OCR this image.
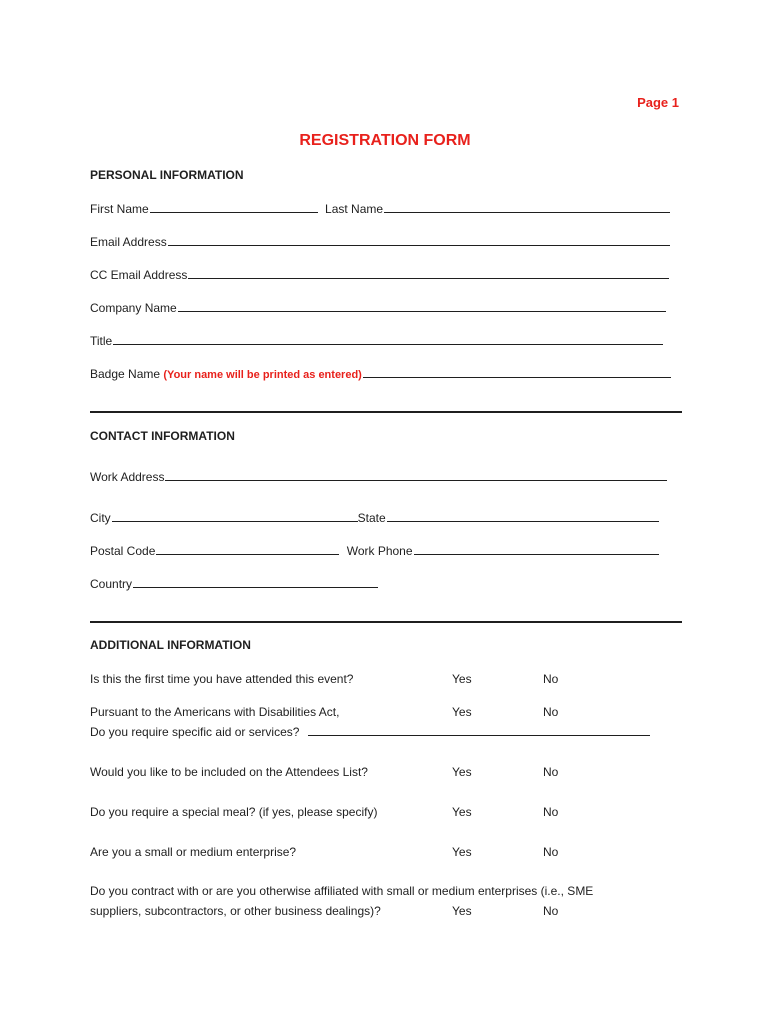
Page 1
REGISTRATION FORM
PERSONAL INFORMATION
First Name	Last Name
Email Address
CC Email Address
Company Name
Title
Badge Name (Your name will be printed as entered)
CONTACT INFORMATION
Work Address
City	State
Postal Code	Work Phone
Country
ADDITIONAL INFORMATION
Is this the first time you have attended this event?	Yes	No
Pursuant to the Americans with Disabilities Act,	Yes	No
Do you require specific aid or services?
Would you like to be included on the Attendees List?	Yes	No
Do you require a special meal? (if yes, please specify)	Yes	No
Are you a small or medium enterprise?	Yes	No
Do you contract with or are you otherwise affiliated with small or medium enterprises (i.e., SME
suppliers, subcontractors, or other business dealings)?	Yes	No
